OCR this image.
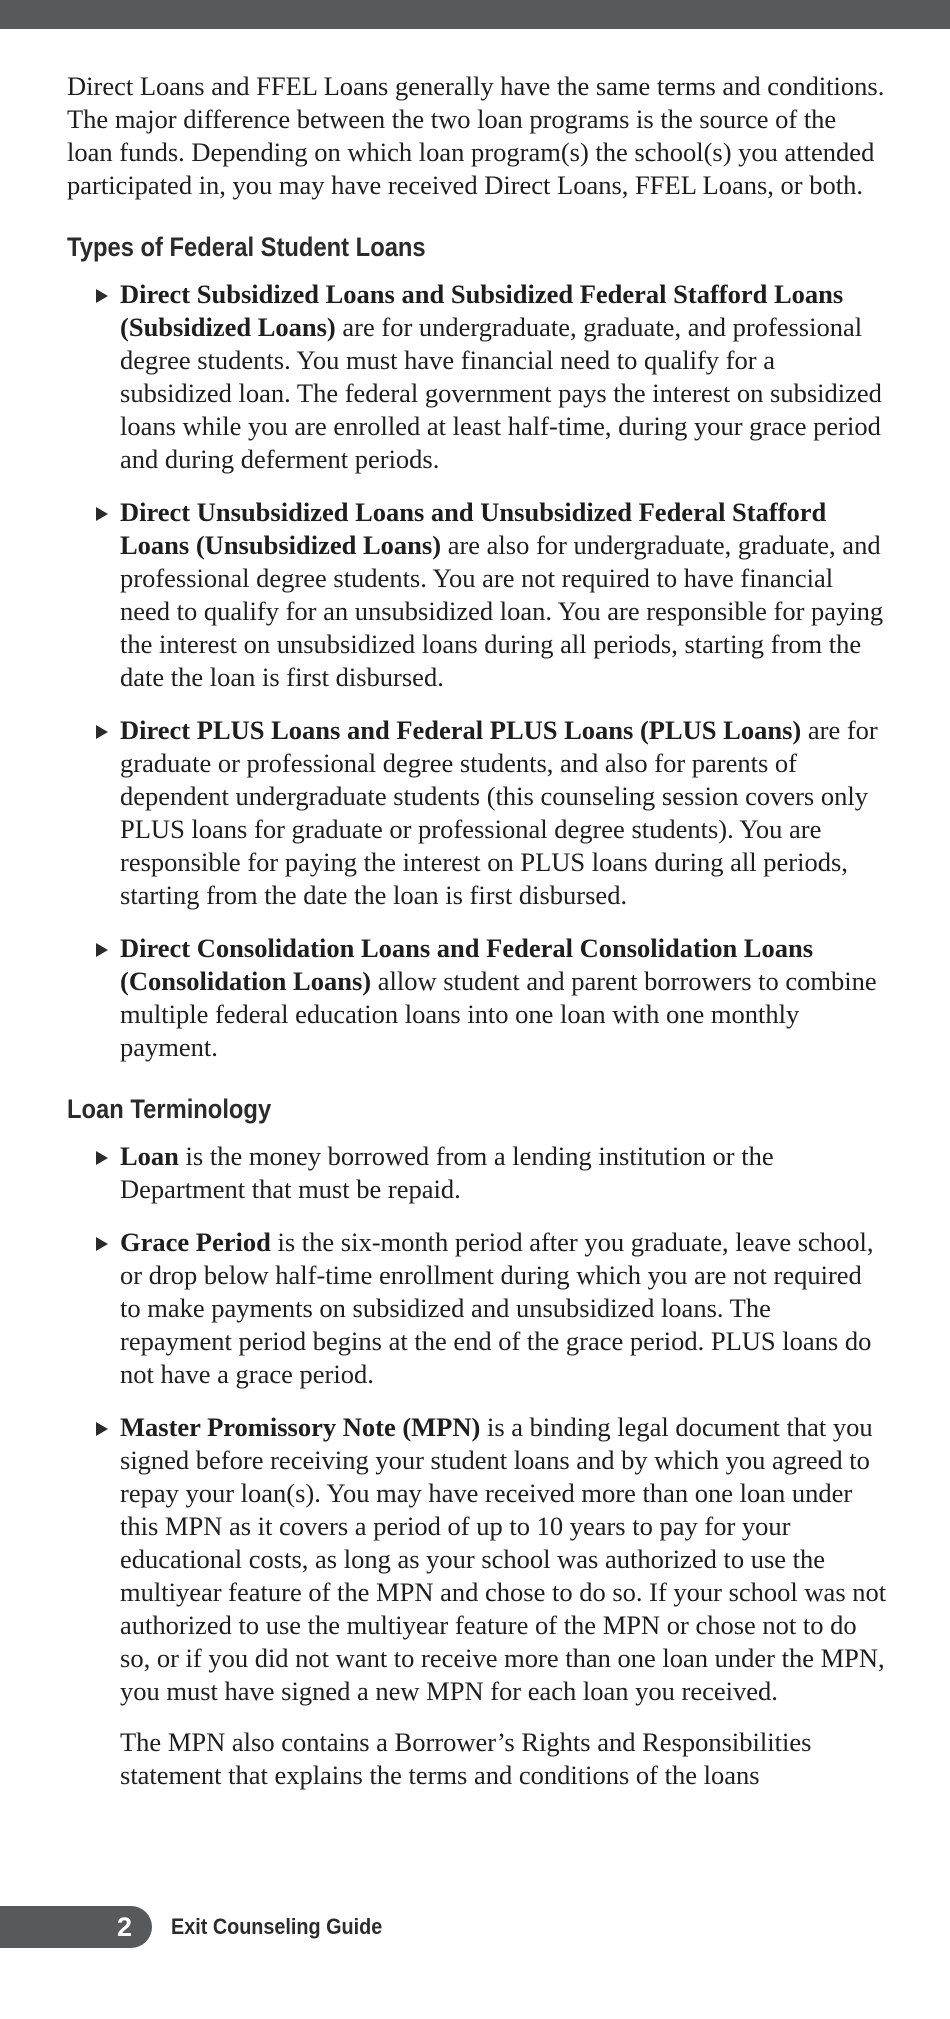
Direct Loans and FFEL Loans generally have the same terms and conditions. The major difference between the two loan programs is the source of the loan funds. Depending on which loan program(s) the school(s) you attended participated in, you may have received Direct Loans, FFEL Loans, or both.

Types of Federal Student Loans
Direct Subsidized Loans and Subsidized Federal Stafford Loans (Subsidized Loans) are for undergraduate, graduate, and professional degree students. You must have financial need to qualify for a subsidized loan. The federal government pays the interest on subsidized loans while you are enrolled at least half-time, during your grace period and during deferment periods.
Direct Unsubsidized Loans and Unsubsidized Federal Stafford Loans (Unsubsidized Loans) are also for undergraduate, graduate, and professional degree students. You are not required to have financial need to qualify for an unsubsidized loan. You are responsible for paying the interest on unsubsidized loans during all periods, starting from the date the loan is first disbursed.
Direct PLUS Loans and Federal PLUS Loans (PLUS Loans) are for graduate or professional degree students, and also for parents of dependent undergraduate students (this counseling session covers only PLUS loans for graduate or professional degree students). You are responsible for paying the interest on PLUS loans during all periods, starting from the date the loan is first disbursed.
Direct Consolidation Loans and Federal Consolidation Loans (Consolidation Loans) allow student and parent borrowers to combine multiple federal education loans into one loan with one monthly payment.
Loan Terminology
Loan is the money borrowed from a lending institution or the Department that must be repaid.
Grace Period is the six-month period after you graduate, leave school, or drop below half-time enrollment during which you are not required to make payments on subsidized and unsubsidized loans. The repayment period begins at the end of the grace period. PLUS loans do not have a grace period.
Master Promissory Note (MPN) is a binding legal document that you signed before receiving your student loans and by which you agreed to repay your loan(s). You may have received more than one loan under this MPN as it covers a period of up to 10 years to pay for your educational costs, as long as your school was authorized to use the multiyear feature of the MPN and chose to do so. If your school was not authorized to use the multiyear feature of the MPN or chose not to do so, or if you did not want to receive more than one loan under the MPN, you must have signed a new MPN for each loan you received.

The MPN also contains a Borrower’s Rights and Responsibilities statement that explains the terms and conditions of the loans

2 Exit Counseling Guide
